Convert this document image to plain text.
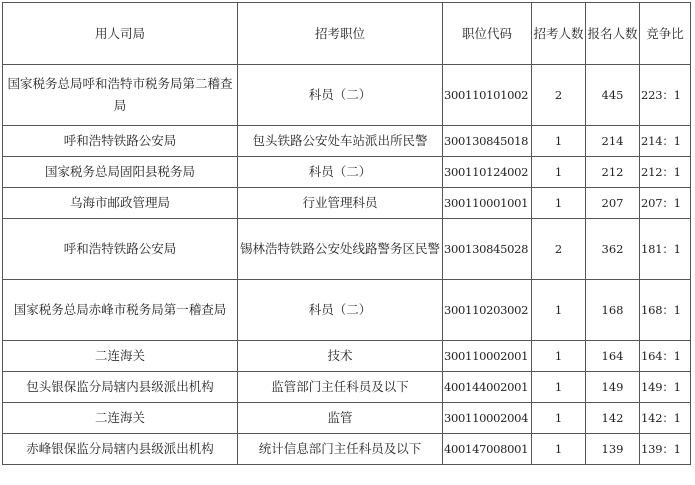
用人司局	招考职位	职位代码	招考人数	报名人数	竞争比
国家税务总局呼和浩特市税务局第二稽查局	科员（二）	300110101002	2	445	223：1
呼和浩特铁路公安局	包头铁路公安处车站派出所民警	300130845018	1	214	214：1
国家税务总局固阳县税务局	科员（二）	300110124002	1	212	212：1
乌海市邮政管理局	行业管理科员	300110001001	1	207	207：1
呼和浩特铁路公安局	锡林浩特铁路公安处线路警务区民警	300130845028	2	362	181：1
国家税务总局赤峰市税务局第一稽查局	科员（二）	300110203002	1	168	168：1
二连海关	技术	300110002001	1	164	164：1
包头银保监分局辖内县级派出机构	监管部门主任科员及以下	400144002001	1	149	149：1
二连海关	监管	300110002004	1	142	142：1
赤峰银保监分局辖内县级派出机构	统计信息部门主任科员及以下	400147008001	1	139	139：1
